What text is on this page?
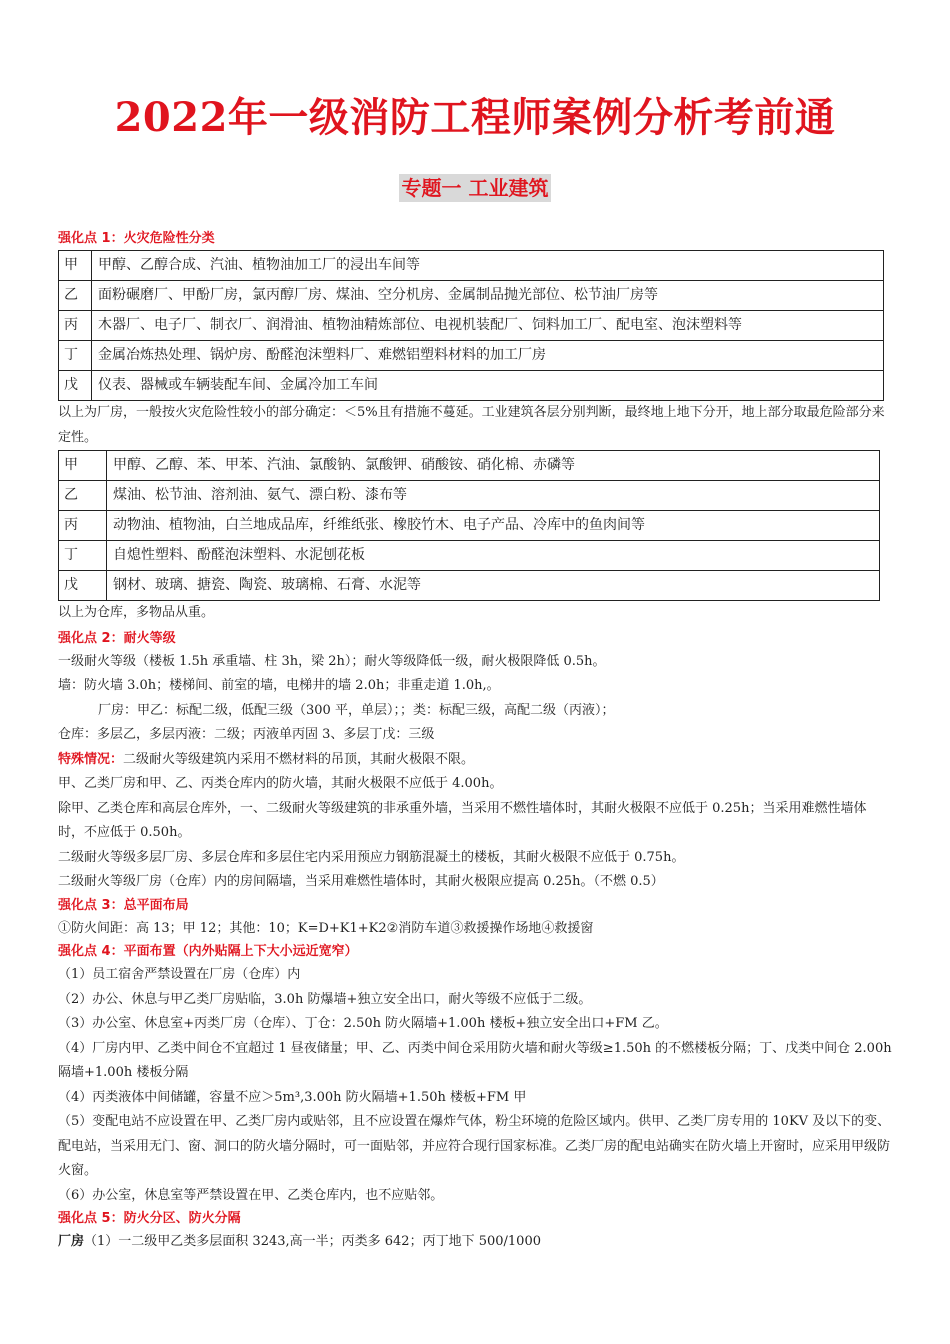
2022年一级消防工程师案例分析考前通
专题一 工业建筑
强化点 1：火灾危险性分类
甲	甲醇、乙醇合成、汽油、植物油加工厂的浸出车间等
乙	面粉碾磨厂、甲酚厂房，氯丙醇厂房、煤油、空分机房、金属制品抛光部位、松节油厂房等
丙	木器厂、电子厂、制衣厂、润滑油、植物油精炼部位、电视机装配厂、饲料加工厂、配电室、泡沫塑料等
丁	金属冶炼热处理、锅炉房、酚醛泡沫塑料厂、难燃铝塑料材料的加工厂房
戊	仪表、器械或车辆装配车间、金属冷加工车间
以上为厂房，一般按火灾危险性较小的部分确定：＜5%且有措施不蔓延。工业建筑各层分别判断，最终地上地下分开，地上部分取最危险部分来定性。
甲	甲醇、乙醇、苯、甲苯、汽油、氯酸钠、氯酸钾、硝酸铵、硝化棉、赤磷等
乙	煤油、松节油、溶剂油、氨气、漂白粉、漆布等
丙	动物油、植物油，白兰地成品库，纤维纸张、橡胶竹木、电子产品、冷库中的鱼肉间等
丁	自熄性塑料、酚醛泡沫塑料、水泥刨花板
戊	钢材、玻璃、搪瓷、陶瓷、玻璃棉、石膏、水泥等
以上为仓库，多物品从重。
强化点 2：耐火等级
一级耐火等级（楼板 1.5h 承重墙、柱 3h，梁 2h）；耐火等级降低一级，耐火极限降低 0.5h。
墙：防火墙 3.0h；楼梯间、前室的墙，电梯井的墙 2.0h；非重走道 1.0h,。
厂房：甲乙：标配二级，低配三级（300 平，单层）；；类：标配三级，高配二级（丙液）；
仓库：多层乙，多层丙液：二级；丙液单丙固 3、多层丁戊：三级
特殊情况：二级耐火等级建筑内采用不燃材料的吊顶，其耐火极限不限。
甲、乙类厂房和甲、乙、丙类仓库内的防火墙，其耐火极限不应低于 4.00h。
除甲、乙类仓库和高层仓库外，一、二级耐火等级建筑的非承重外墙，当采用不燃性墙体时，其耐火极限不应低于 0.25h；当采用难燃性墙体时，不应低于 0.50h。
二级耐火等级多层厂房、多层仓库和多层住宅内采用预应力钢筋混凝土的楼板，其耐火极限不应低于 0.75h。
二级耐火等级厂房（仓库）内的房间隔墙，当采用难燃性墙体时，其耐火极限应提高 0.25h。（不燃 0.5）
强化点 3：总平面布局
①防火间距：高 13；甲 12；其他：10；K=D+K1+K2②消防车道③救援操作场地④救援窗
强化点 4：平面布置（内外贴隔上下大小远近宽窄）
（1）员工宿舍严禁设置在厂房（仓库）内
（2）办公、休息与甲乙类厂房贴临，3.0h 防爆墙+独立安全出口，耐火等级不应低于二级。
（3）办公室、休息室+丙类厂房（仓库）、丁仓：2.50h 防火隔墙+1.00h 楼板+独立安全出口+FM 乙。
（4）厂房内甲、乙类中间仓不宜超过 1 昼夜储量；甲、乙、丙类中间仓采用防火墙和耐火等级≥1.50h 的不燃楼板分隔；丁、戊类中间仓 2.00h 隔墙+1.00h 楼板分隔
（4）丙类液体中间储罐，容量不应＞5m³,3.00h 防火隔墙+1.50h 楼板+FM 甲
（5）变配电站不应设置在甲、乙类厂房内或贴邻，且不应设置在爆炸气体，粉尘环境的危险区域内。供甲、乙类厂房专用的 10KV 及以下的变、配电站，当采用无门、窗、洞口的防火墙分隔时，可一面贴邻，并应符合现行国家标准。乙类厂房的配电站确实在防火墙上开窗时，应采用甲级防火窗。
（6）办公室，休息室等严禁设置在甲、乙类仓库内，也不应贴邻。
强化点 5：防火分区、防火分隔
厂房（1）一二级甲乙类多层面积 3243,高一半；丙类多 642；丙丁地下 500/1000
